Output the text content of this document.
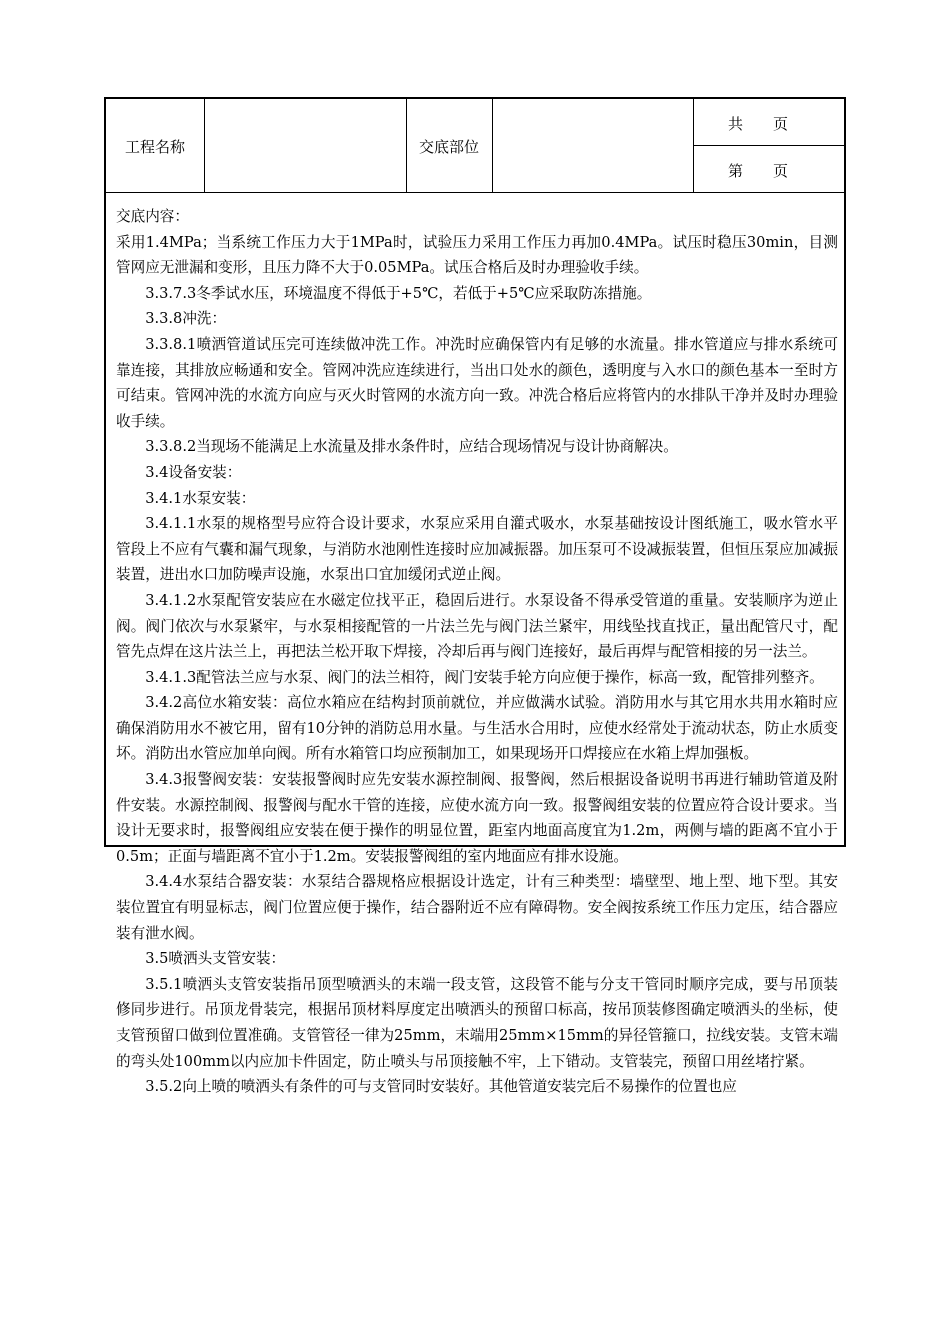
工程名称	交底部位
共　　页
第　　页

交底内容：

采用1.4MPa；当系统工作压力大于1MPa时，试验压力采用工作压力再加0.4MPa。试压时稳压30min，目测管网应无泄漏和变形，且压力降不大于0.05MPa。试压合格后及时办理验收手续。

3.3.7.3冬季试水压，环境温度不得低于+5℃，若低于+5℃应采取防冻措施。

3.3.8冲洗：

3.3.8.1喷洒管道试压完可连续做冲洗工作。冲洗时应确保管内有足够的水流量。排水管道应与排水系统可靠连接，其排放应畅通和安全。管网冲洗应连续进行，当出口处水的颜色，透明度与入水口的颜色基本一至时方可结束。管网冲洗的水流方向应与灭火时管网的水流方向一致。冲洗合格后应将管内的水排队干净并及时办理验收手续。

3.3.8.2当现场不能满足上水流量及排水条件时，应结合现场情况与设计协商解决。

3.4设备安装：

3.4.1水泵安装：

3.4.1.1水泵的规格型号应符合设计要求，水泵应采用自灌式吸水，水泵基础按设计图纸施工，吸水管水平管段上不应有气囊和漏气现象，与消防水池刚性连接时应加减振器。加压泵可不设减振装置，但恒压泵应加减振装置，进出水口加防噪声设施，水泵出口宜加缓闭式逆止阀。

3.4.1.2水泵配管安装应在水磁定位找平正，稳固后进行。水泵设备不得承受管道的重量。安装顺序为逆止阀。阀门依次与水泵紧牢，与水泵相接配管的一片法兰先与阀门法兰紧牢，用线坠找直找正，量出配管尺寸，配管先点焊在这片法兰上，再把法兰松开取下焊接，冷却后再与阀门连接好，最后再焊与配管相接的另一法兰。

3.4.1.3配管法兰应与水泵、阀门的法兰相符，阀门安装手轮方向应便于操作，标高一致，配管排列整齐。

3.4.2高位水箱安装：高位水箱应在结构封顶前就位，并应做满水试验。消防用水与其它用水共用水箱时应确保消防用水不被它用，留有10分钟的消防总用水量。与生活水合用时，应使水经常处于流动状态，防止水质变坏。消防出水管应加单向阀。所有水箱管口均应预制加工，如果现场开口焊接应在水箱上焊加强板。

3.4.3报警阀安装：安装报警阀时应先安装水源控制阀、报警阀，然后根据设备说明书再进行辅助管道及附件安装。水源控制阀、报警阀与配水干管的连接，应使水流方向一致。报警阀组安装的位置应符合设计要求。当设计无要求时，报警阀组应安装在便于操作的明显位置，距室内地面高度宜为1.2m，两侧与墙的距离不宜小于0.5m；正面与墙距离不宜小于1.2m。安装报警阀组的室内地面应有排水设施。

3.4.4水泵结合器安装：水泵结合器规格应根据设计选定，计有三种类型：墙壁型、地上型、地下型。其安装位置宜有明显标志，阀门位置应便于操作，结合器附近不应有障碍物。安全阀按系统工作压力定压，结合器应装有泄水阀。

3.5喷洒头支管安装：

3.5.1喷洒头支管安装指吊顶型喷洒头的末端一段支管，这段管不能与分支干管同时顺序完成，要与吊顶装修同步进行。吊顶龙骨装完，根据吊顶材料厚度定出喷洒头的预留口标高，按吊顶装修图确定喷洒头的坐标，使支管预留口做到位置准确。支管管径一律为25mm，末端用25mm×15mm的异径管箍口，拉线安装。支管末端的弯头处100mm以内应加卡件固定，防止喷头与吊顶接触不牢，上下错动。支管装完，预留口用丝堵拧紧。

3.5.2向上喷的喷洒头有条件的可与支管同时安装好。其他管道安装完后不易操作的位置也应
